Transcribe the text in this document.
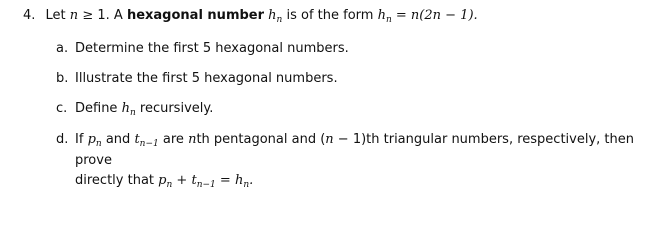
4. Let n ≥ 1. A hexagonal number $h_n$ is of the form $h_n = n(2n - 1)$.
a. Determine the first 5 hexagonal numbers.
b. Illustrate the first 5 hexagonal numbers.
c. Define $h_n$ recursively.
d. If $p_n$ and $t_{n-1}$ are nth pentagonal and (n − 1)th triangular numbers, respectively, then prove
directly that $p_n + t_{n-1} = h_n$.
